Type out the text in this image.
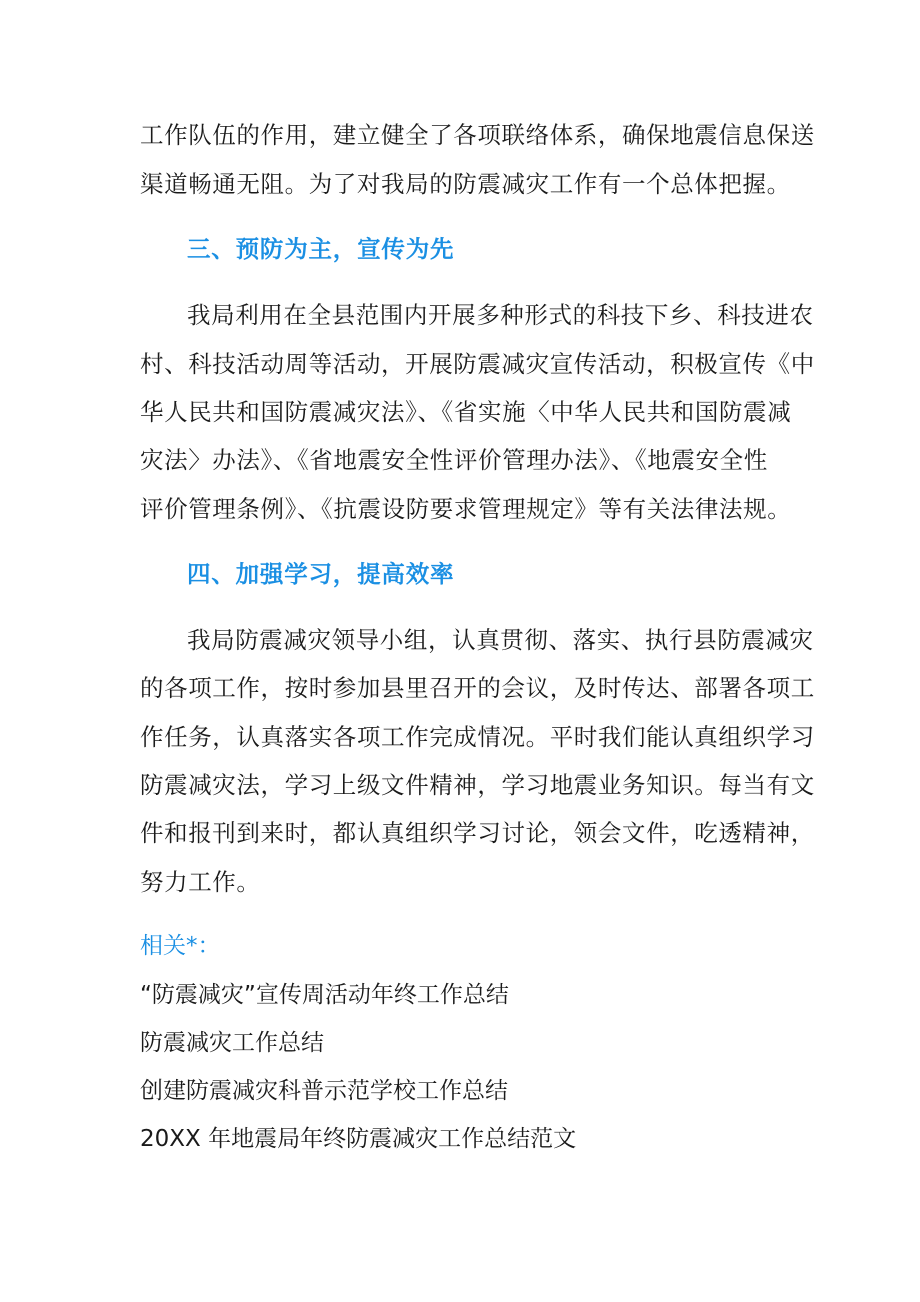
工作队伍的作用，建立健全了各项联络体系，确保地震信息保送
渠道畅通无阻。为了对我局的防震减灾工作有一个总体把握。
三、预防为主，宣传为先
我局利用在全县范围内开展多种形式的科技下乡、科技进农
村、科技活动周等活动，开展防震减灾宣传活动，积极宣传《中
华人民共和国防震减灾法》、《省实施〈中华人民共和国防震减
灾法〉办法》、《省地震安全性评价管理办法》、《地震安全性
评价管理条例》、《抗震设防要求管理规定》等有关法律法规。
四、加强学习，提高效率
我局防震减灾领导小组，认真贯彻、落实、执行县防震减灾
的各项工作，按时参加县里召开的会议，及时传达、部署各项工
作任务，认真落实各项工作完成情况。平时我们能认真组织学习
防震减灾法，学习上级文件精神，学习地震业务知识。每当有文
件和报刊到来时，都认真组织学习讨论，领会文件，吃透精神，
努力工作。
相关*：
“防震减灾”宣传周活动年终工作总结
防震减灾工作总结
创建防震减灾科普示范学校工作总结
20XX 年地震局年终防震减灾工作总结范文
